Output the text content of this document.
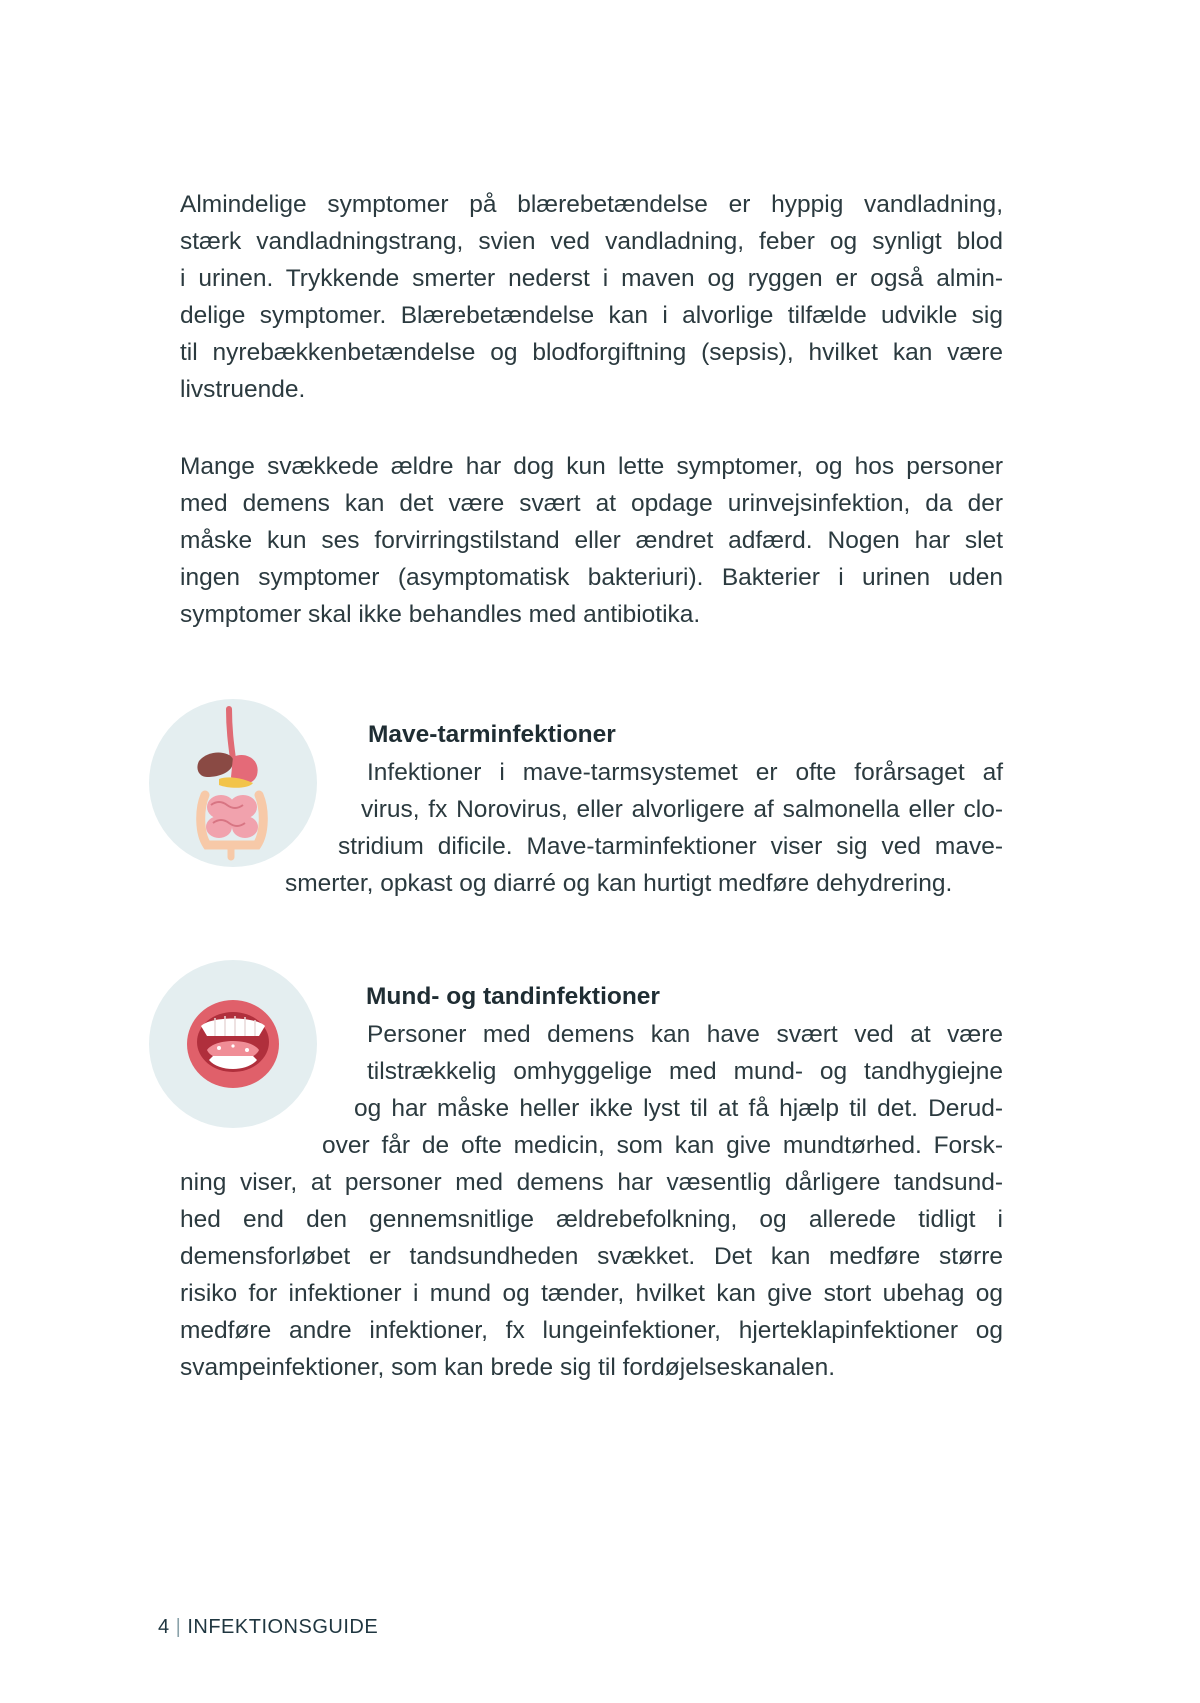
Almindelige symptomer på blærebetændelse er hyppig vandladning,

stærk vandladningstrang, svien ved vandladning, feber og synligt blod

i urinen. Trykkende smerter nederst i maven og ryggen er også almin-

delige symptomer. Blærebetændelse kan i alvorlige tilfælde udvikle sig

til nyrebækkenbetændelse og blodforgiftning (sepsis), hvilket kan være

livstruende.

Mange svækkede ældre har dog kun lette symptomer, og hos personer

med demens kan det være svært at opdage urinvejsinfektion, da der

måske kun ses forvirringstilstand eller ændret adfærd. Nogen har slet

ingen symptomer (asymptomatisk bakteriuri). Bakterier i urinen uden

symptomer skal ikke behandles med antibiotika.

Mave-tarminfektioner

Infektioner i mave-tarmsystemet er ofte forårsaget af

virus, fx Norovirus, eller alvorligere af salmonella eller clo-

stridium dificile. Mave-tarminfektioner viser sig ved mave-

smerter, opkast og diarré og kan hurtigt medføre dehydrering.

Mund- og tandinfektioner

Personer med demens kan have svært ved at være

tilstrækkelig omhyggelige med mund- og tandhygiejne

og har måske heller ikke lyst til at få hjælp til det. Derud-

over får de ofte medicin, som kan give mundtørhed. Forsk-

ning viser, at personer med demens har væsentlig dårligere tandsund-

hed end den gennemsnitlige ældrebefolkning, og allerede tidligt i

demensforløbet er tandsundheden svækket. Det kan medføre større

risiko for infektioner i mund og tænder, hvilket kan give stort ubehag og

medføre andre infektioner, fx lungeinfektioner, hjerteklapinfektioner og

svampeinfektioner, som kan brede sig til fordøjelseskanalen.

4 | INFEKTIONSGUIDE
